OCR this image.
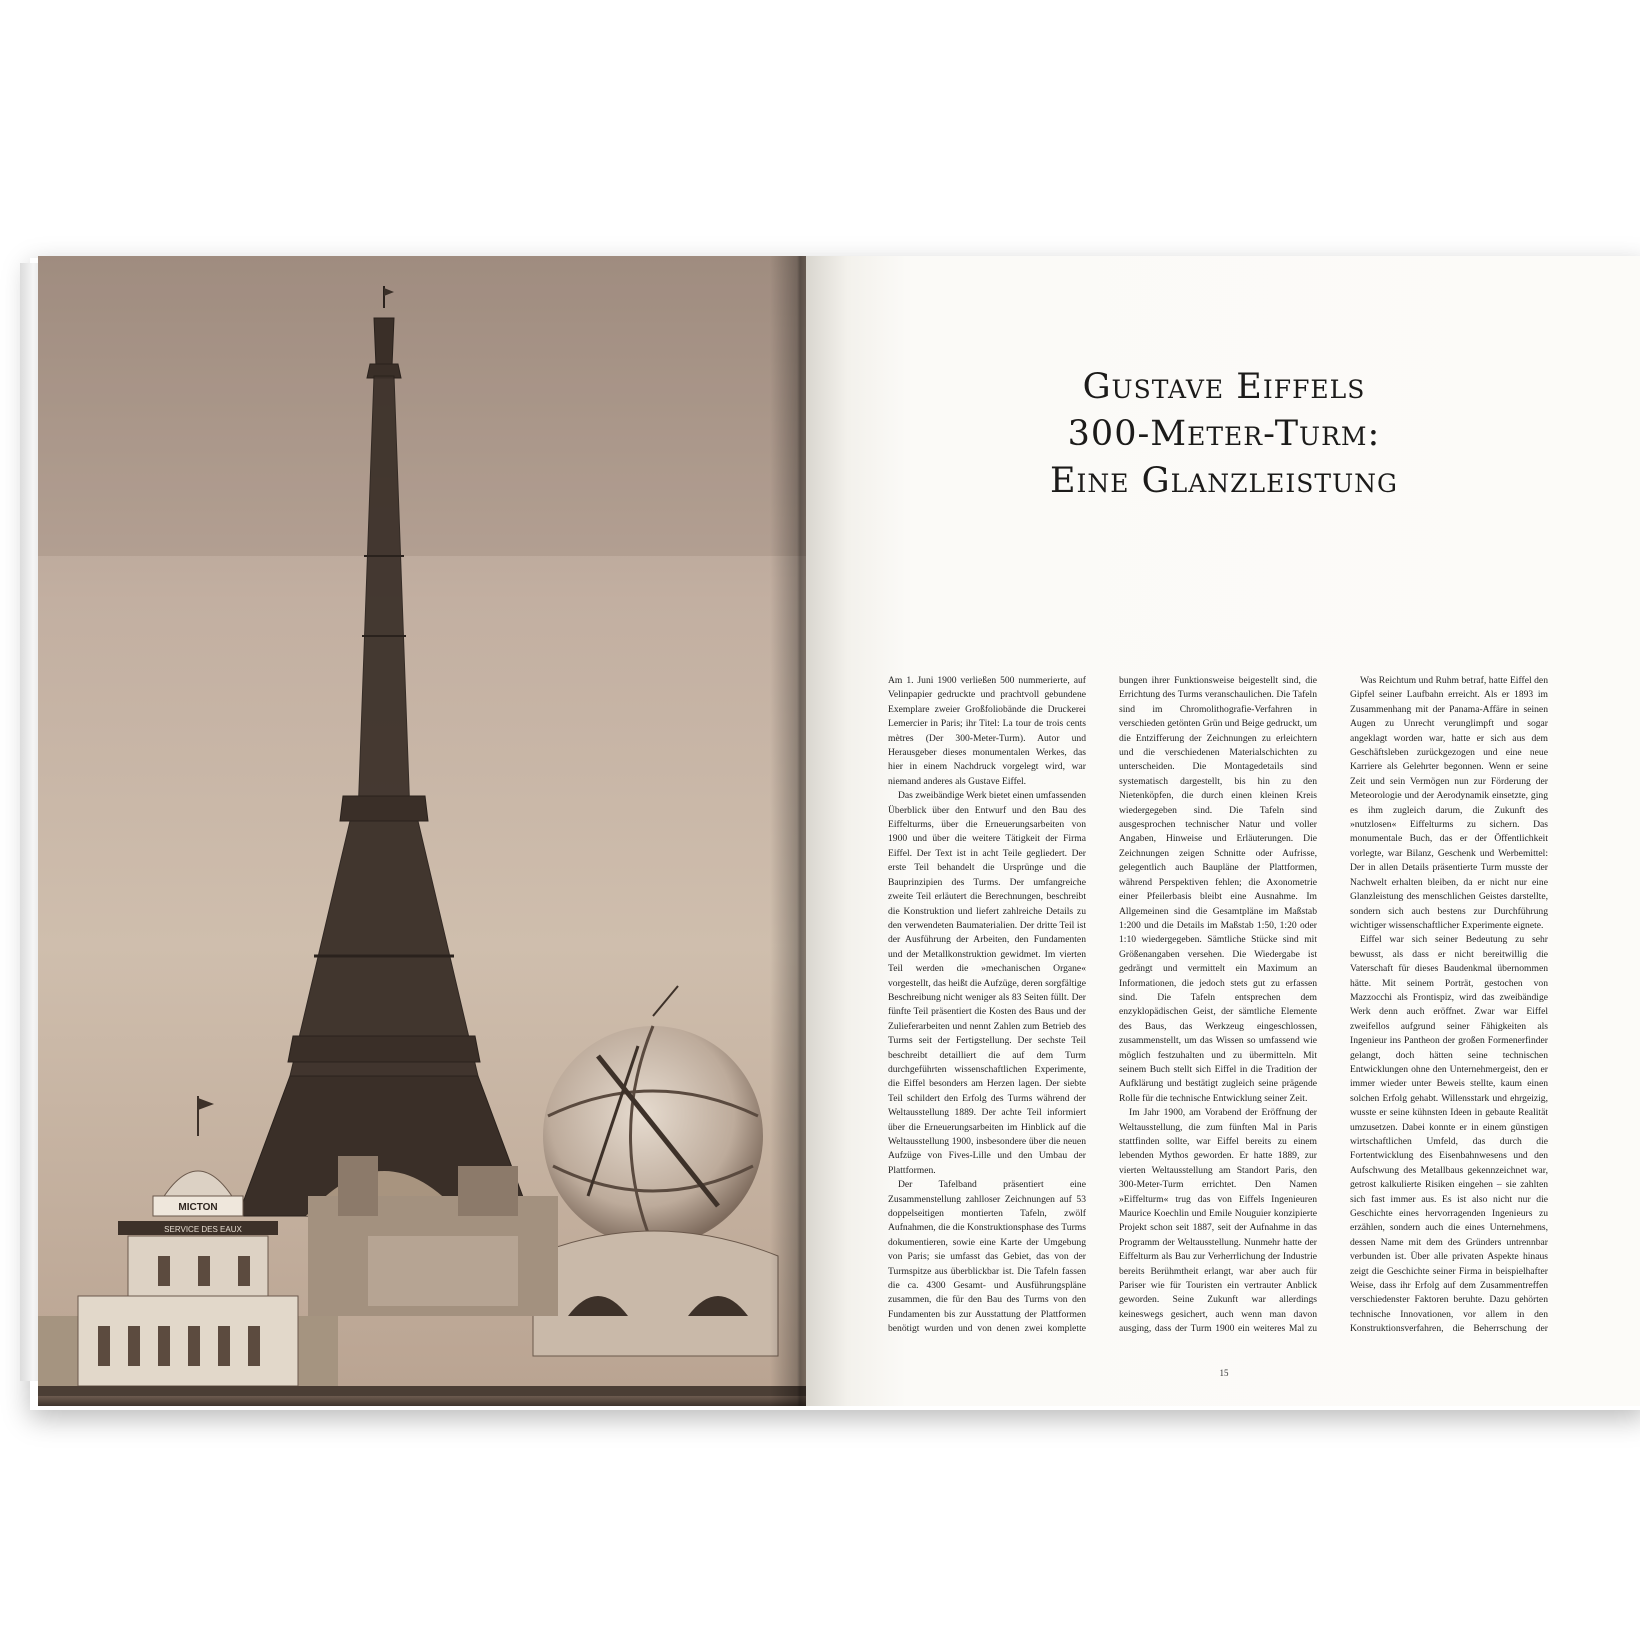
MICTON
SERVICE DES EAUX
Gustave Eiffels
300-Meter-Turm:
Eine Glanzleistung

Am 1. Juni 1900 verließen 500 nummerierte, auf Velinpapier gedruckte und prachtvoll gebundene Exemplare zweier Großfoliobände die Druckerei Lemercier in Paris; ihr Titel: La tour de trois cents mètres (Der 300-Meter-Turm). Autor und Herausgeber dieses monumentalen Werkes, das hier in einem Nachdruck vorgelegt wird, war niemand anderes als Gustave Eiffel.

Das zweibändige Werk bietet einen umfassenden Überblick über den Entwurf und den Bau des Eiffelturms, über die Erneuerungsarbeiten von 1900 und über die weitere Tätigkeit der Firma Eiffel. Der Text ist in acht Teile gegliedert. Der erste Teil behandelt die Ursprünge und die Bauprinzipien des Turms. Der umfangreiche zweite Teil erläutert die Berechnungen, beschreibt die Konstruktion und liefert zahlreiche Details zu den verwendeten Baumaterialien. Der dritte Teil ist der Ausführung der Arbeiten, den Fundamenten und der Metallkonstruktion gewidmet. Im vierten Teil werden die »mechanischen Organe« vorgestellt, das heißt die Aufzüge, deren sorgfältige Beschreibung nicht weniger als 83 Seiten füllt. Der fünfte Teil präsentiert die Kosten des Baus und der Zulieferarbeiten und nennt Zahlen zum Betrieb des Turms seit der Fertigstellung. Der sechste Teil beschreibt detailliert die auf dem Turm durchgeführten wissenschaftlichen Experimente, die Eiffel besonders am Herzen lagen. Der siebte Teil schildert den Erfolg des Turms während der Weltausstellung 1889. Der achte Teil informiert über die Erneuerungsarbeiten im Hinblick auf die Weltausstellung 1900, insbesondere über die neuen Aufzüge von Fives-Lille und den Umbau der Plattformen.

Der Tafelband präsentiert eine Zusammenstellung zahlloser Zeichnungen auf 53 doppelseitigen montierten Tafeln, zwölf Aufnahmen, die die Konstruktionsphase des Turms dokumentieren, sowie eine Karte der Umgebung von Paris; sie umfasst das Gebiet, das von der Turmspitze aus überblickbar ist. Die Tafeln fassen die ca. 4300 Gesamt- und Ausführungspläne zusammen, die für den Bau des Turms von den Fundamenten bis zur Ausstattung der Plattformen benötigt wurden und von denen zwei komplette

bungen ihrer Funktionsweise beigestellt sind, die Errichtung des Turms veranschaulichen. Die Tafeln sind im Chromolithografie-Verfahren in verschieden getönten Grün und Beige gedruckt, um die Entzifferung der Zeichnungen zu erleichtern und die verschiedenen Materialschichten zu unterscheiden. Die Montagedetails sind systematisch dargestellt, bis hin zu den Nietenköpfen, die durch einen kleinen Kreis wiedergegeben sind. Die Tafeln sind ausgesprochen technischer Natur und voller Angaben, Hinweise und Erläuterungen. Die Zeichnungen zeigen Schnitte oder Aufrisse, gelegentlich auch Baupläne der Plattformen, während Perspektiven fehlen; die Axonometrie einer Pfeilerbasis bleibt eine Ausnahme. Im Allgemeinen sind die Gesamtpläne im Maßstab 1:200 und die Details im Maßstab 1:50, 1:20 oder 1:10 wiedergegeben. Sämtliche Stücke sind mit Größenangaben versehen. Die Wiedergabe ist gedrängt und vermittelt ein Maximum an Informationen, die jedoch stets gut zu erfassen sind. Die Tafeln entsprechen dem enzyklopädischen Geist, der sämtliche Elemente des Baus, das Werkzeug eingeschlossen, zusammenstellt, um das Wissen so umfassend wie möglich festzuhalten und zu übermitteln. Mit seinem Buch stellt sich Eiffel in die Tradition der Aufklärung und bestätigt zugleich seine prägende Rolle für die technische Entwicklung seiner Zeit.

Im Jahr 1900, am Vorabend der Eröffnung der Weltausstellung, die zum fünften Mal in Paris stattfinden sollte, war Eiffel bereits zu einem lebenden Mythos geworden. Er hatte 1889, zur vierten Weltausstellung am Standort Paris, den 300-Meter-Turm errichtet. Den Namen »Eiffelturm« trug das von Eiffels Ingenieuren Maurice Koechlin und Emile Nouguier konzipierte Projekt schon seit 1887, seit der Aufnahme in das Programm der Weltausstellung. Nunmehr hatte der Eiffelturm als Bau zur Verherrlichung der Industrie bereits Berühmtheit erlangt, war aber auch für Pariser wie für Touristen ein vertrauter Anblick geworden. Seine Zukunft war allerdings keineswegs gesichert, auch wenn man davon ausging, dass der Turm 1900 ein weiteres Mal zu

Was Reichtum und Ruhm betraf, hatte Eiffel den Gipfel seiner Laufbahn erreicht. Als er 1893 im Zusammenhang mit der Panama-Affäre in seinen Augen zu Unrecht verunglimpft und sogar angeklagt worden war, hatte er sich aus dem Geschäftsleben zurückgezogen und eine neue Karriere als Gelehrter begonnen. Wenn er seine Zeit und sein Vermögen nun zur Förderung der Meteorologie und der Aerodynamik einsetzte, ging es ihm zugleich darum, die Zukunft des »nutzlosen« Eiffelturms zu sichern. Das monumentale Buch, das er der Öffentlichkeit vorlegte, war Bilanz, Geschenk und Werbemittel: Der in allen Details präsentierte Turm musste der Nachwelt erhalten bleiben, da er nicht nur eine Glanzleistung des menschlichen Geistes darstellte, sondern sich auch bestens zur Durchführung wichtiger wissenschaftlicher Experimente eignete.

Eiffel war sich seiner Bedeutung zu sehr bewusst, als dass er nicht bereitwillig die Vaterschaft für dieses Baudenkmal übernommen hätte. Mit seinem Porträt, gestochen von Mazzocchi als Frontispiz, wird das zweibändige Werk denn auch eröffnet. Zwar war Eiffel zweifellos aufgrund seiner Fähigkeiten als Ingenieur ins Pantheon der großen Formenerfinder gelangt, doch hätten seine technischen Entwicklungen ohne den Unternehmergeist, den er immer wieder unter Beweis stellte, kaum einen solchen Erfolg gehabt. Willensstark und ehrgeizig, wusste er seine kühnsten Ideen in gebaute Realität umzusetzen. Dabei konnte er in einem günstigen wirtschaftlichen Umfeld, das durch die Fortentwicklung des Eisenbahnwesens und den Aufschwung des Metallbaus gekennzeichnet war, getrost kalkulierte Risiken eingehen – sie zahlten sich fast immer aus. Es ist also nicht nur die Geschichte eines hervorragenden Ingenieurs zu erzählen, sondern auch die eines Unternehmens, dessen Name mit dem des Gründers untrennbar verbunden ist. Über alle privaten Aspekte hinaus zeigt die Geschichte seiner Firma in beispielhafter Weise, dass ihr Erfolg auf dem Zusammentreffen verschiedenster Faktoren beruhte. Dazu gehörten technische Innovationen, vor allem in den Konstruktionsverfahren, die Beherrschung der

15
